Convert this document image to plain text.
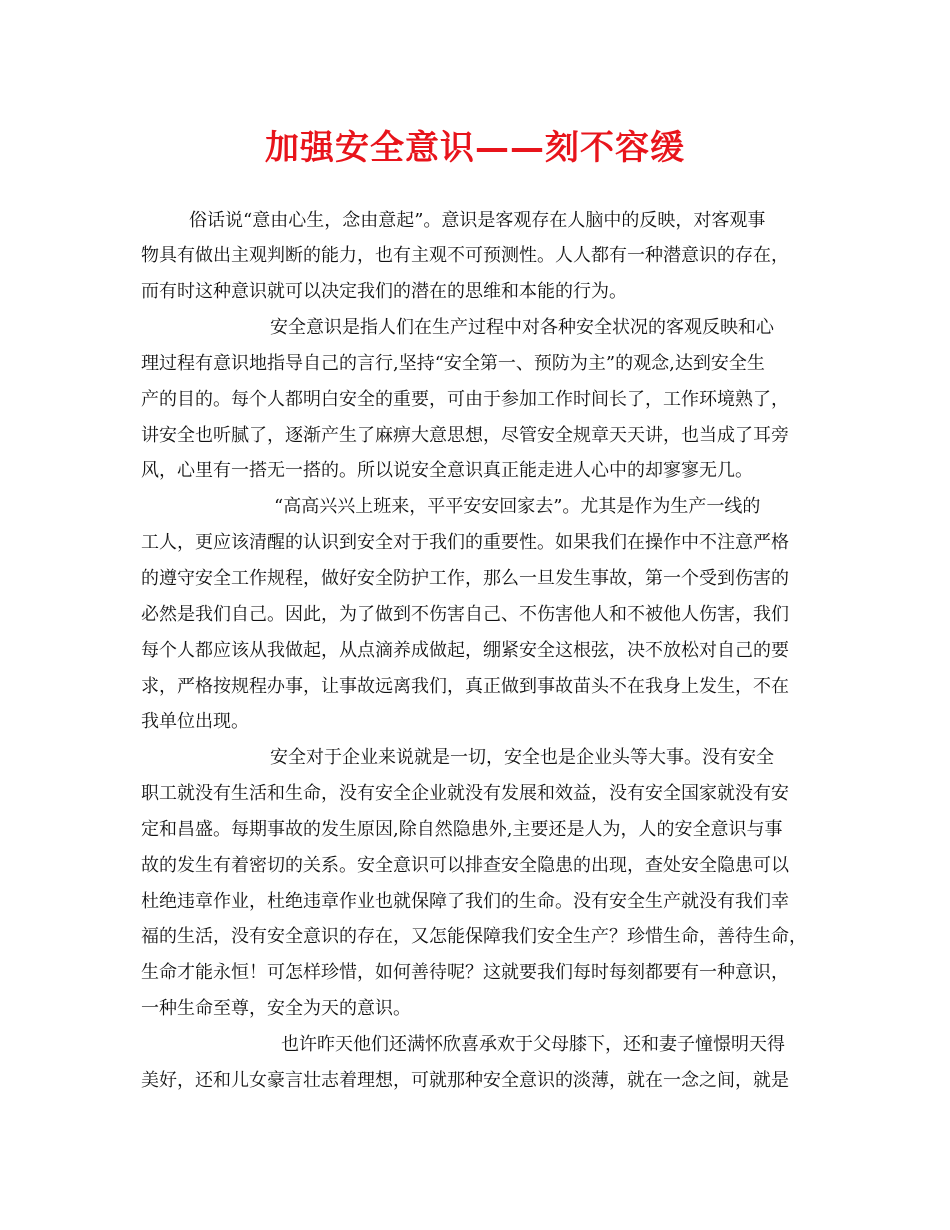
加强安全意识——刻不容缓
俗话说“意由心生，念由意起”。意识是客观存在人脑中的反映，对客观事
物具有做出主观判断的能力，也有主观不可预测性。人人都有一种潜意识的存在，
而有时这种意识就可以决定我们的潜在的思维和本能的行为。
安全意识是指人们在生产过程中对各种安全状况的客观反映和心
理过程有意识地指导自己的言行,坚持“安全第一、预防为主”的观念,达到安全生
产的目的。每个人都明白安全的重要，可由于参加工作时间长了，工作环境熟了，
讲安全也听腻了，逐渐产生了麻痹大意思想，尽管安全规章天天讲，也当成了耳旁
风，心里有一搭无一搭的。所以说安全意识真正能走进人心中的却寥寥无几。
“高高兴兴上班来，平平安安回家去”。尤其是作为生产一线的
工人，更应该清醒的认识到安全对于我们的重要性。如果我们在操作中不注意严格
的遵守安全工作规程，做好安全防护工作，那么一旦发生事故，第一个受到伤害的
必然是我们自己。因此，为了做到不伤害自己、不伤害他人和不被他人伤害，我们
每个人都应该从我做起，从点滴养成做起，绷紧安全这根弦，决不放松对自己的要
求，严格按规程办事，让事故远离我们，真正做到事故苗头不在我身上发生，不在
我单位出现。
安全对于企业来说就是一切，安全也是企业头等大事。没有安全
职工就没有生活和生命，没有安全企业就没有发展和效益，没有安全国家就没有安
定和昌盛。每期事故的发生原因,除自然隐患外,主要还是人为，人的安全意识与事
故的发生有着密切的关系。安全意识可以排查安全隐患的出现，查处安全隐患可以
杜绝违章作业，杜绝违章作业也就保障了我们的生命。没有安全生产就没有我们幸
福的生活，没有安全意识的存在，又怎能保障我们安全生产？珍惜生命，善待生命，
生命才能永恒！可怎样珍惜，如何善待呢？这就要我们每时每刻都要有一种意识，
一种生命至尊，安全为天的意识。
也许昨天他们还满怀欣喜承欢于父母膝下，还和妻子憧憬明天得
美好，还和儿女豪言壮志着理想，可就那种安全意识的淡薄，就在一念之间，就是
